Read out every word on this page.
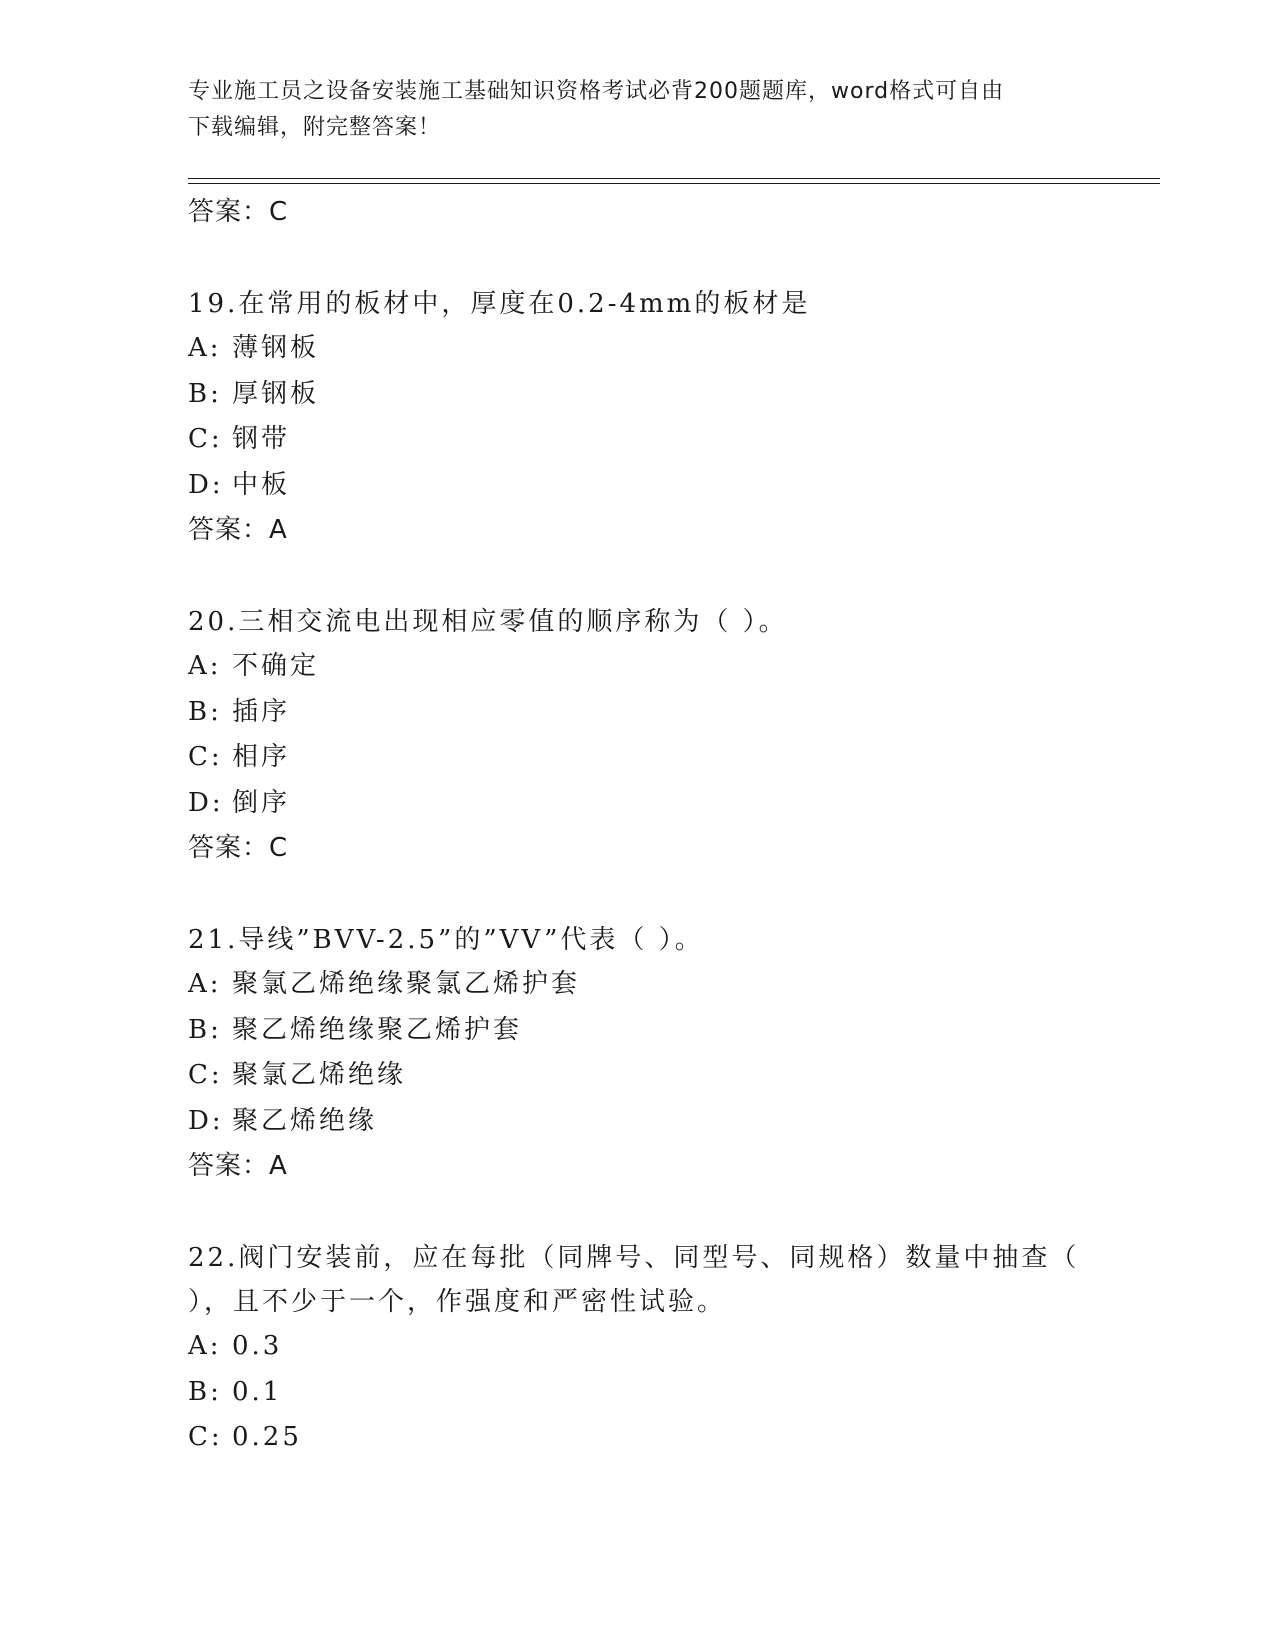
专业施工员之设备安装施工基础知识资格考试必背200题题库，word格式可自由
下载编辑，附完整答案！
答案：C
19.在常用的板材中，厚度在0.2-4mm的板材是
A: 薄钢板
B: 厚钢板
C: 钢带
D: 中板
答案：A
20.三相交流电出现相应零值的顺序称为（ ）。
A: 不确定
B: 插序
C: 相序
D: 倒序
答案：C
21.导线”BVV-2.5”的”VV”代表（ ）。
A: 聚氯乙烯绝缘聚氯乙烯护套
B: 聚乙烯绝缘聚乙烯护套
C: 聚氯乙烯绝缘
D: 聚乙烯绝缘
答案：A
22.阀门安装前，应在每批（同牌号、同型号、同规格）数量中抽查（ ），且不少于一个，作强度和严密性试验。
A: 0.3
B: 0.1
C: 0.25
